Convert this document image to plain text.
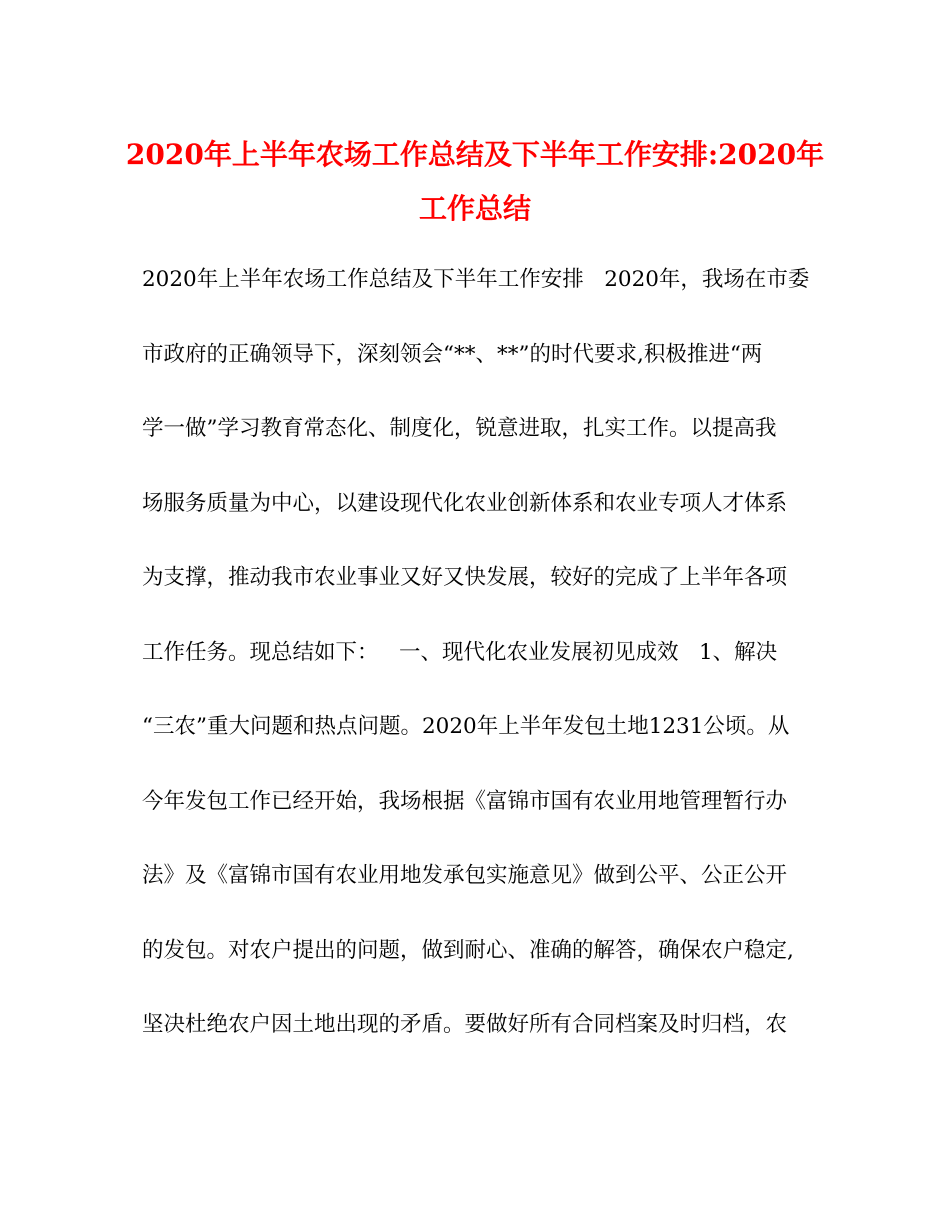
2020年上半年农场工作总结及下半年工作安排:2020年
工作总结
2020年上半年农场工作总结及下半年工作安排   2020年，我场在市委
市政府的正确领导下，深刻领会“**、**”的时代要求,积极推进“两
学一做”学习教育常态化、制度化，锐意进取，扎实工作。以提高我
场服务质量为中心，以建设现代化农业创新体系和农业专项人才体系
为支撑，推动我市农业事业又好又快发展，较好的完成了上半年各项
工作任务。现总结如下：   一、现代化农业发展初见成效   1、解决
“三农”重大问题和热点问题。2020年上半年发包土地1231公顷。从
今年发包工作已经开始，我场根据《富锦市国有农业用地管理暂行办
法》及《富锦市国有农业用地发承包实施意见》做到公平、公正公开
的发包。对农户提出的问题，做到耐心、准确的解答，确保农户稳定,
坚决杜绝农户因土地出现的矛盾。要做好所有合同档案及时归档，农
